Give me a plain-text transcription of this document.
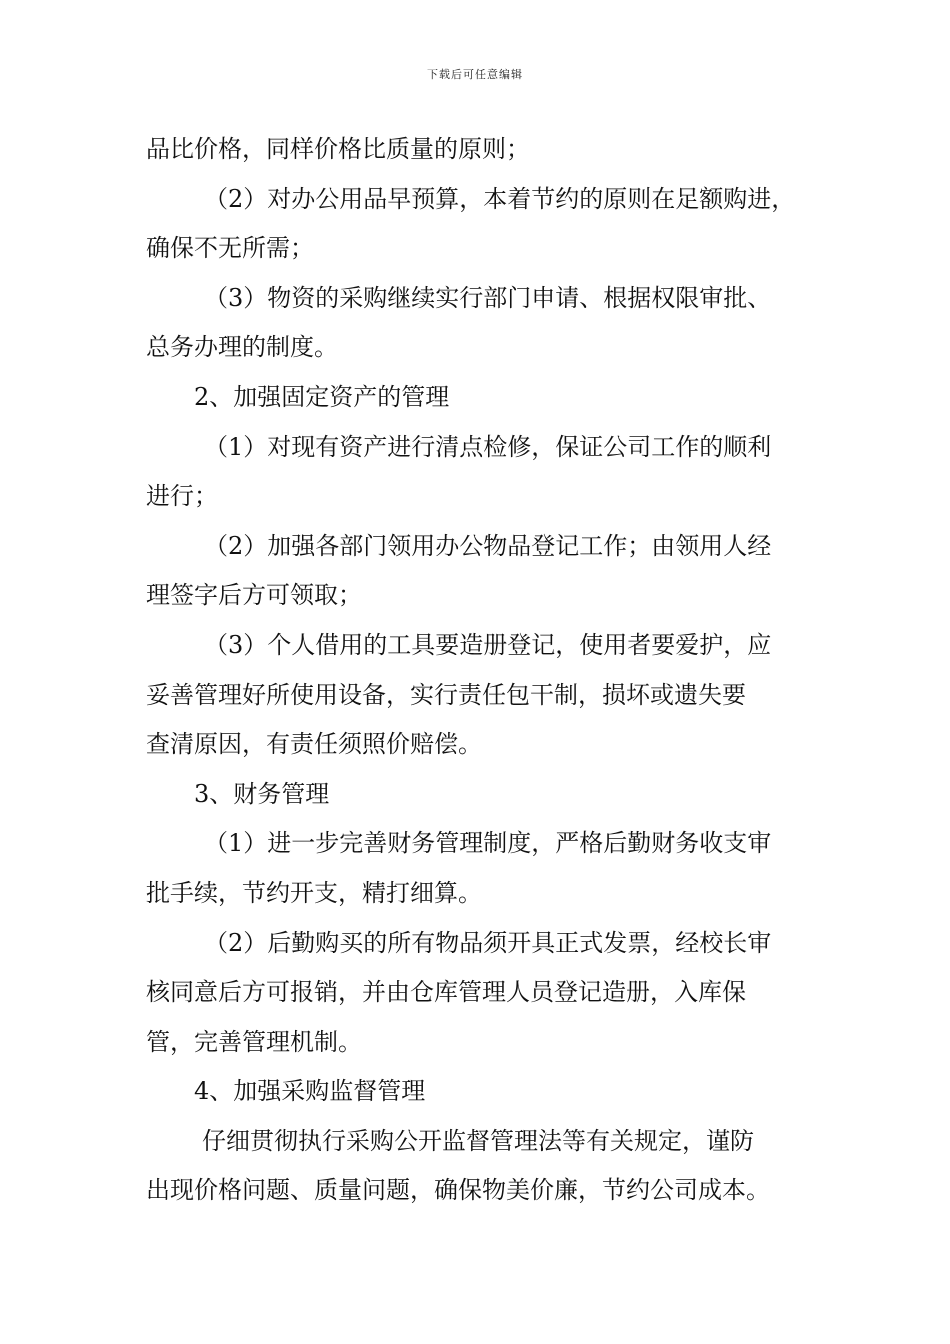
下载后可任意编辑

品比价格，同样价格比质量的原则；

（2）对办公用品早预算，本着节约的原则在足额购进，

确保不无所需；

（3）物资的采购继续实行部门申请、根据权限审批、

总务办理的制度。

2、加强固定资产的管理

（1）对现有资产进行清点检修，保证公司工作的顺利

进行；

（2）加强各部门领用办公物品登记工作；由领用人经

理签字后方可领取；

（3）个人借用的工具要造册登记，使用者要爱护，应

妥善管理好所使用设备，实行责任包干制，损坏或遗失要

查清原因，有责任须照价赔偿。

3、财务管理

（1）进一步完善财务管理制度，严格后勤财务收支审

批手续，节约开支，精打细算。

（2）后勤购买的所有物品须开具正式发票，经校长审

核同意后方可报销，并由仓库管理人员登记造册，入库保

管，完善管理机制。

4、加强采购监督管理

仔细贯彻执行采购公开监督管理法等有关规定，谨防

出现价格问题、质量问题，确保物美价廉，节约公司成本。
